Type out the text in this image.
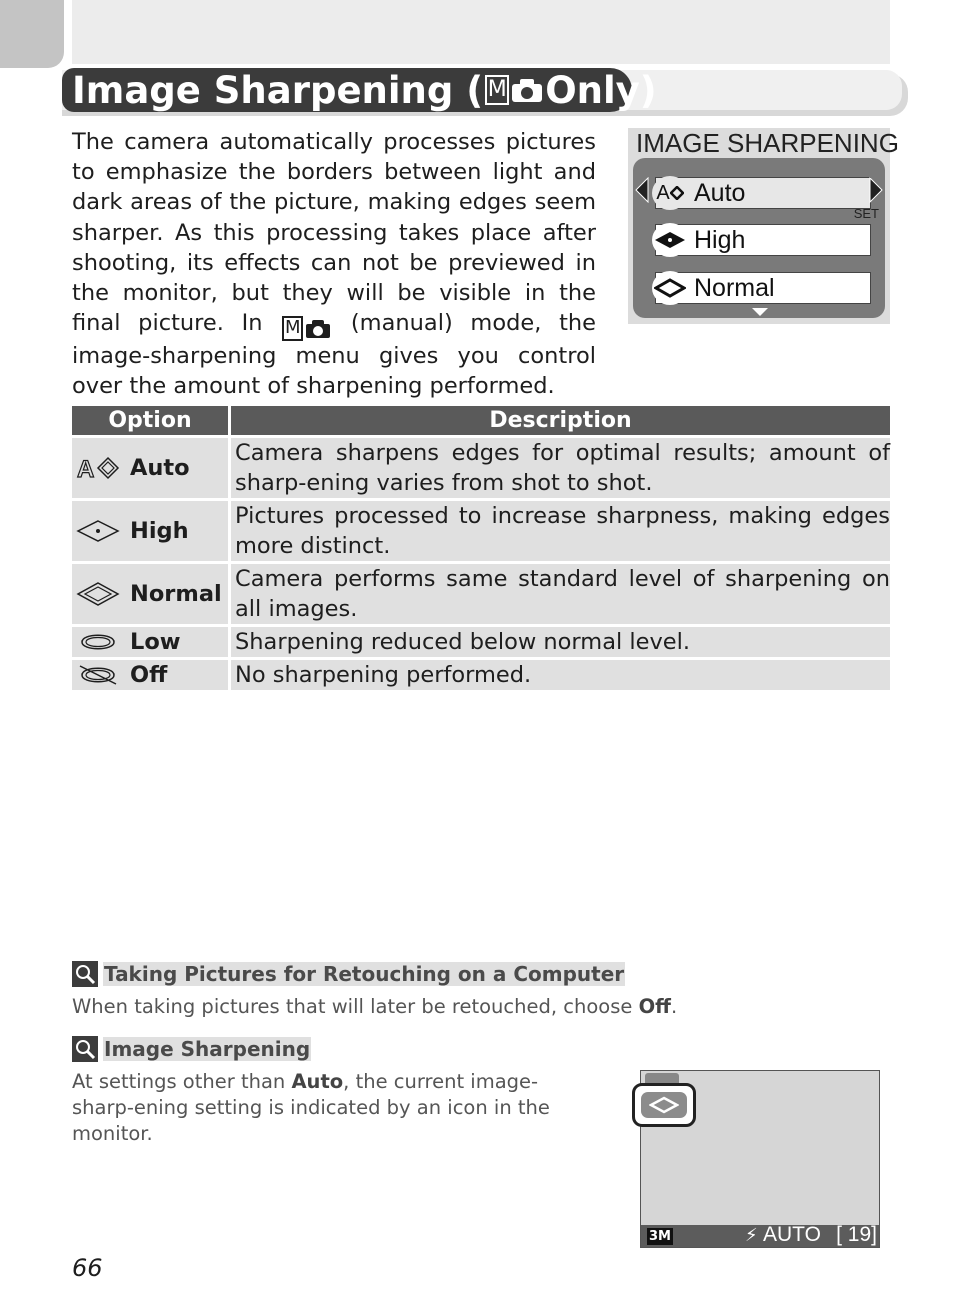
Image Sharpening ( M Only)

The camera automatically processes pictures to emphasize the borders between light and dark areas of the picture, making edges seem sharper. As this processing takes place after shooting, its effects can not be previewed in the monitor, but they will be visible in the final picture. In M (manual) mode, the image-sharpening menu gives you control over the amount of sharpening performed.

IMAGE SHARPENING
A Auto
SET
High
Normal
Option	Description

A Auto	Camera sharpens edges for optimal results; amount of sharp-ening varies from shot to shot.

High	Pictures processed to increase sharpness, making edges more distinct.

Normal	Camera performs same standard level of sharpening on all images.

Low	Sharpening reduced below normal level.

Off	No sharpening performed.
Taking Pictures for Retouching on a Computer
When taking pictures that will later be retouched, choose Off.
Image Sharpening
At settings other than Auto, the current image-sharp-ening setting is indicated by an icon in the monitor.
3M	⚡ AUTO [ 19]
66
